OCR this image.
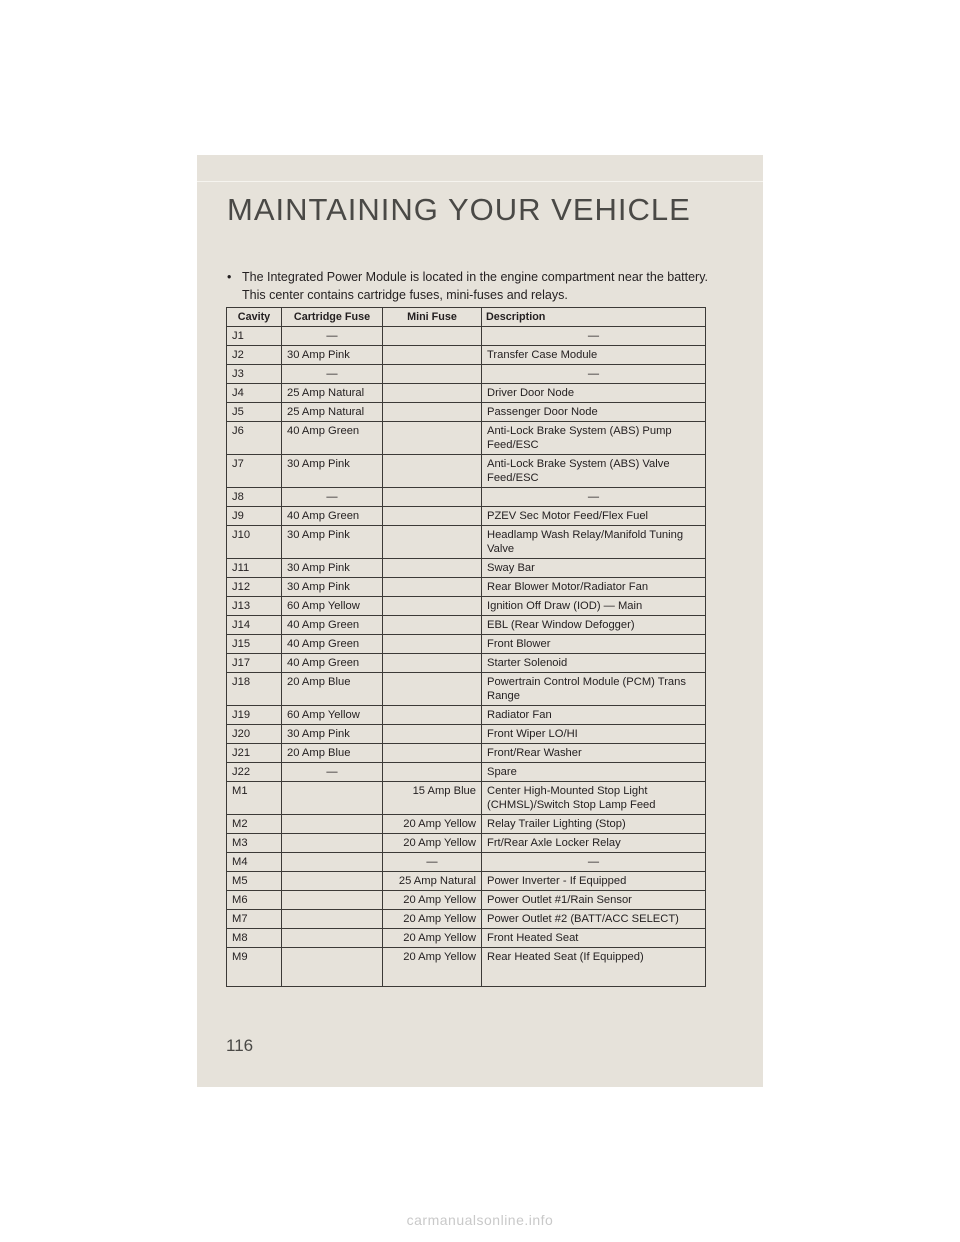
MAINTAINING YOUR VEHICLE
• The Integrated Power Module is located in the engine compartment near the battery.
This center contains cartridge fuses, mini-fuses and relays.
Cavity	Cartridge Fuse	Mini Fuse	Description
J1	—		—
J2	30 Amp Pink		Transfer Case Module
J3	—		—
J4	25 Amp Natural		Driver Door Node
J5	25 Amp Natural		Passenger Door Node
J6	40 Amp Green		Anti-Lock Brake System (ABS) Pump Feed/ESC
J7	30 Amp Pink		Anti-Lock Brake System (ABS) Valve Feed/ESC
J8	—		—
J9	40 Amp Green		PZEV Sec Motor Feed/Flex Fuel
J10	30 Amp Pink		Headlamp Wash Relay/Manifold Tuning Valve
J11	30 Amp Pink		Sway Bar
J12	30 Amp Pink		Rear Blower Motor/Radiator Fan
J13	60 Amp Yellow		Ignition Off Draw (IOD) — Main
J14	40 Amp Green		EBL (Rear Window Defogger)
J15	40 Amp Green		Front Blower
J17	40 Amp Green		Starter Solenoid
J18	20 Amp Blue		Powertrain Control Module (PCM) Trans Range
J19	60 Amp Yellow		Radiator Fan
J20	30 Amp Pink		Front Wiper LO/HI
J21	20 Amp Blue		Front/Rear Washer
J22	—		Spare
M1		15 Amp Blue	Center High-Mounted Stop Light (CHMSL)/Switch Stop Lamp Feed
M2		20 Amp Yellow	Relay Trailer Lighting (Stop)
M3		20 Amp Yellow	Frt/Rear Axle Locker Relay
M4		—	—
M5		25 Amp Natural	Power Inverter - If Equipped
M6		20 Amp Yellow	Power Outlet #1/Rain Sensor
M7		20 Amp Yellow	Power Outlet #2 (BATT/ACC SELECT)
M8		20 Amp Yellow	Front Heated Seat
M9		20 Amp Yellow	Rear Heated Seat (If Equipped)
116
carmanualsonline.info
